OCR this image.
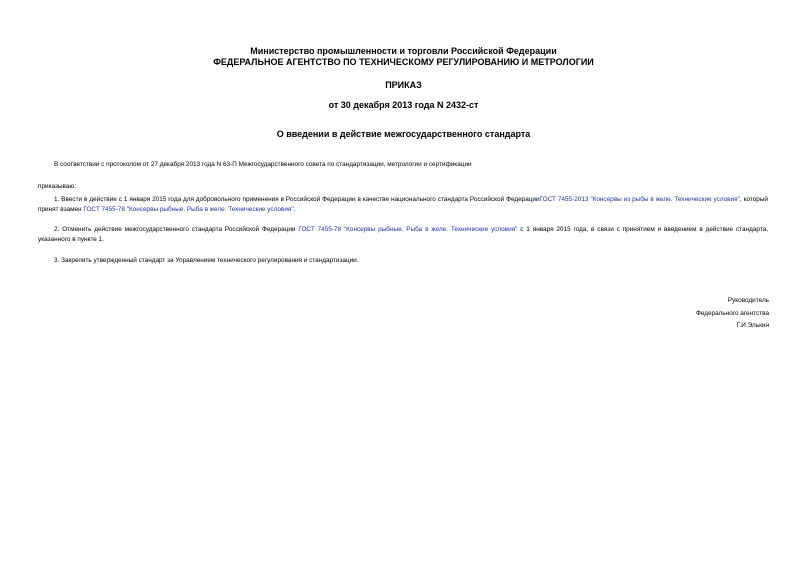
Министерство промышленности и торговли Российской Федерации
ФЕДЕРАЛЬНОЕ АГЕНТСТВО ПО ТЕХНИЧЕСКОМУ РЕГУЛИРОВАНИЮ И МЕТРОЛОГИИ
ПРИКАЗ
от 30 декабря 2013 года N 2432-ст
О введении в действие межгосударственного стандарта
В соответствии с протоколом от 27 декабря 2013 года N 63-П Межгосударственного совета по стандартизации, метрологии и сертификации
приказываю:
1. Ввести в действие с 1 января 2015 года для добровольного применения в Российской Федерации в качестве национального стандарта Российской ФедерацииГОСТ 7455-2013 "Консервы из рыбы в желе. Технические условия", который принят взамен ГОСТ 7455-78 "Консервы рыбные. Рыба в желе. Технические условия".
2. Отменить действие межгосударственного стандарта Российской Федерации ГОСТ 7455-78 "Консервы рыбные. Рыба в желе. Технические условия" с 1 января 2015 года, в связи с принятием и введением в действие стандарта, указанного в пункте 1.
3. Закрепить утвержденный стандарт за Управлением технического регулирования и стандартизации.
Руководитель
Федерального агентства
Г.И.Элькин
